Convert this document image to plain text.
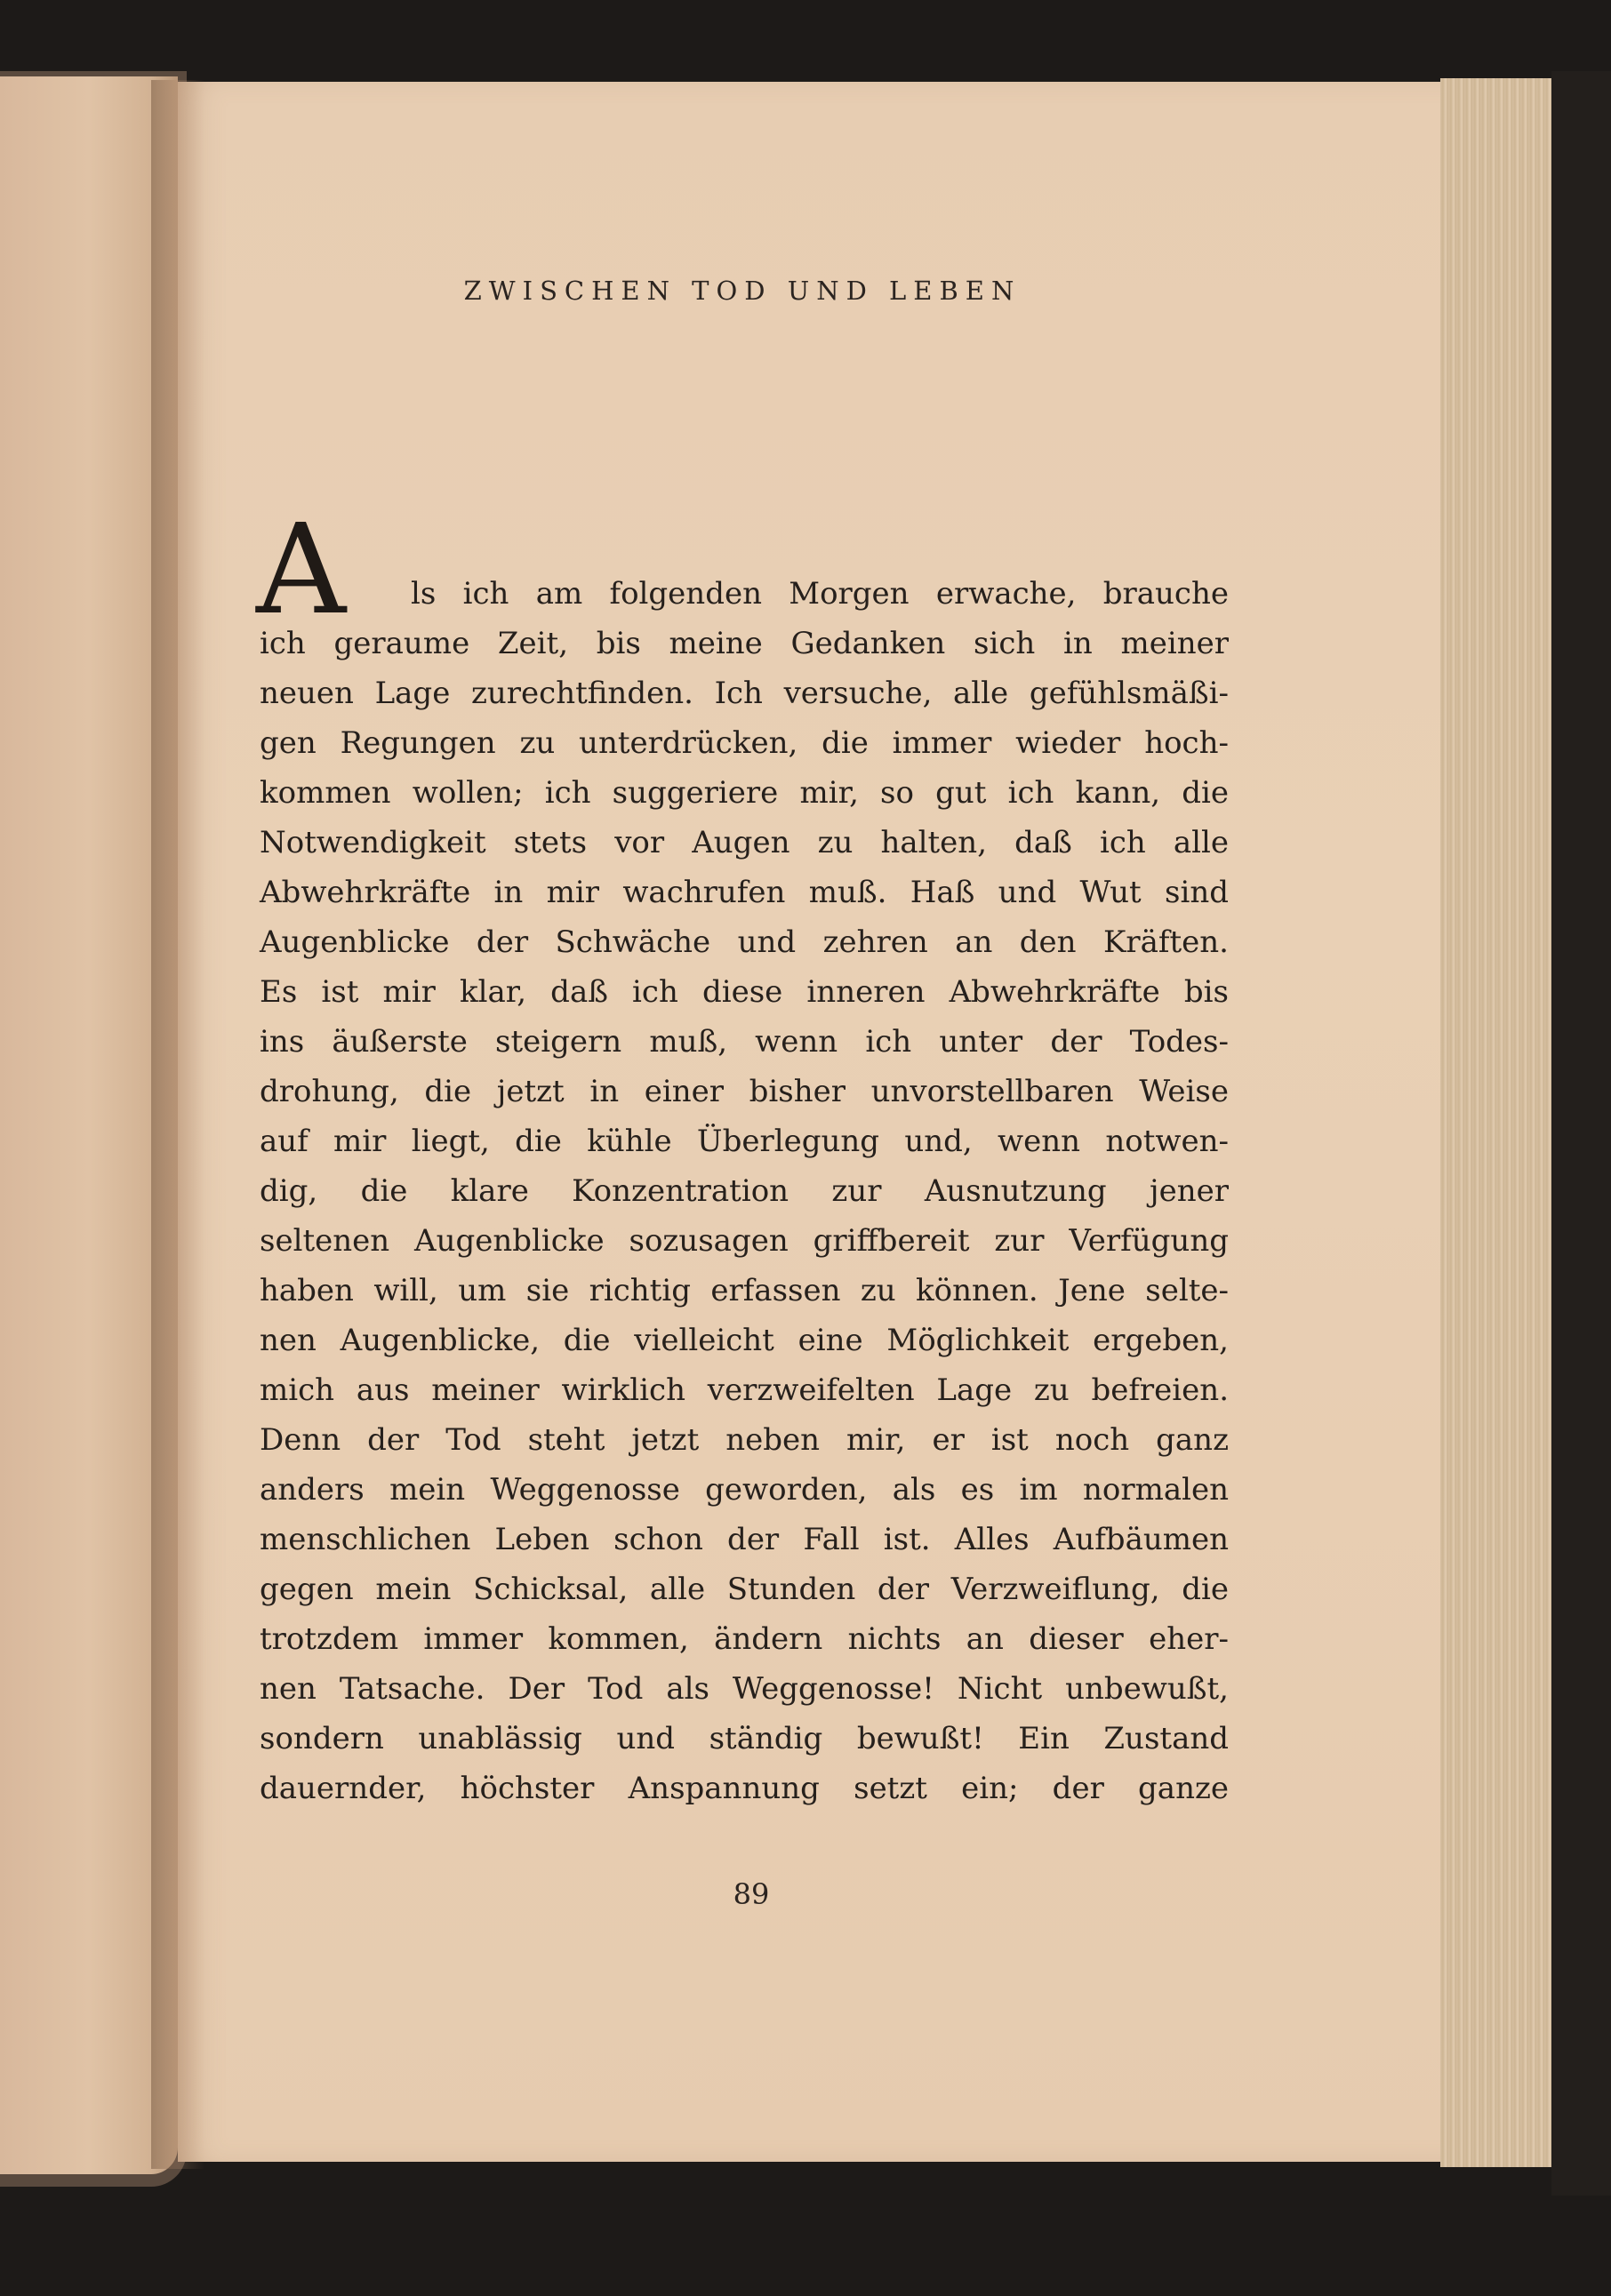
ZWISCHEN TOD UND LEBEN
A	ls ich am folgenden Morgen erwache, brauche
ich geraume Zeit, bis meine Gedanken sich in meiner
neuen Lage zurechtfinden. Ich versuche, alle gefühlsmäßi-
gen Regungen zu unterdrücken, die immer wieder hoch-
kommen wollen; ich suggeriere mir, so gut ich kann, die
Notwendigkeit stets vor Augen zu halten, daß ich alle
Abwehrkräfte in mir wachrufen muß. Haß und Wut sind
Augenblicke der Schwäche und zehren an den Kräften.
Es ist mir klar, daß ich diese inneren Abwehrkräfte bis
ins äußerste steigern muß, wenn ich unter der Todes-
drohung, die jetzt in einer bisher unvorstellbaren Weise
auf mir liegt, die kühle Überlegung und, wenn notwen-
dig, die klare Konzentration zur Ausnutzung jener
seltenen Augenblicke sozusagen griffbereit zur Verfügung
haben will, um sie richtig erfassen zu können. Jene selte-
nen Augenblicke, die vielleicht eine Möglichkeit ergeben,
mich aus meiner wirklich verzweifelten Lage zu befreien.
Denn der Tod steht jetzt neben mir, er ist noch ganz
anders mein Weggenosse geworden, als es im normalen
menschlichen Leben schon der Fall ist. Alles Aufbäumen
gegen mein Schicksal, alle Stunden der Verzweiflung, die
trotzdem immer kommen, ändern nichts an dieser eher-
nen Tatsache. Der Tod als Weggenosse! Nicht unbewußt,
sondern unablässig und ständig bewußt! Ein Zustand
dauernder, höchster Anspannung setzt ein; der ganze
89
